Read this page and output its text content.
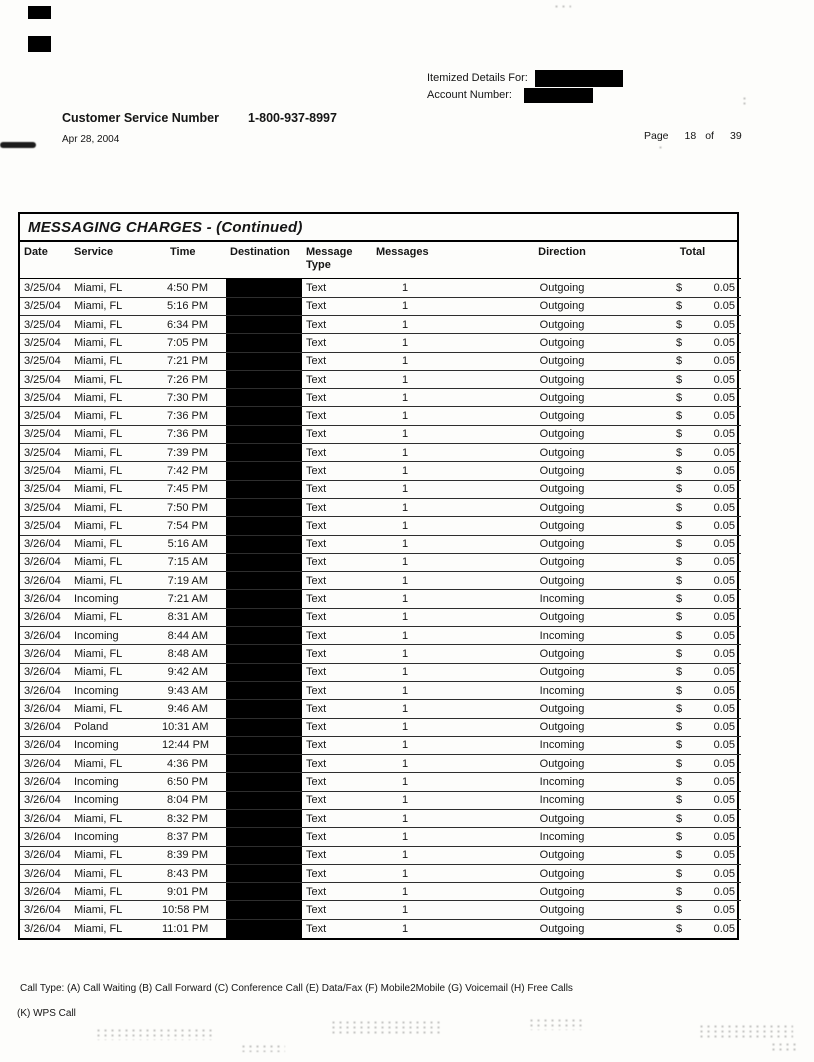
Itemized Details For:
Account Number:
Customer Service Number 1-800-937-8997
Apr 28, 2004	Page 18 of 39
MESSAGING CHARGES - (Continued)
Date	Service	Time	Destination	Message Type	Messages	Direction	Total
3/25/04	Miami, FL	4:50 PM		Text	1	Outgoing	$ 0.05
3/25/04	Miami, FL	5:16 PM		Text	1	Outgoing	$ 0.05
3/25/04	Miami, FL	6:34 PM		Text	1	Outgoing	$ 0.05
3/25/04	Miami, FL	7:05 PM		Text	1	Outgoing	$ 0.05
3/25/04	Miami, FL	7:21 PM		Text	1	Outgoing	$ 0.05
3/25/04	Miami, FL	7:26 PM		Text	1	Outgoing	$ 0.05
3/25/04	Miami, FL	7:30 PM		Text	1	Outgoing	$ 0.05
3/25/04	Miami, FL	7:36 PM		Text	1	Outgoing	$ 0.05
3/25/04	Miami, FL	7:36 PM		Text	1	Outgoing	$ 0.05
3/25/04	Miami, FL	7:39 PM		Text	1	Outgoing	$ 0.05
3/25/04	Miami, FL	7:42 PM		Text	1	Outgoing	$ 0.05
3/25/04	Miami, FL	7:45 PM		Text	1	Outgoing	$ 0.05
3/25/04	Miami, FL	7:50 PM		Text	1	Outgoing	$ 0.05
3/25/04	Miami, FL	7:54 PM		Text	1	Outgoing	$ 0.05
3/26/04	Miami, FL	5:16 AM		Text	1	Outgoing	$ 0.05
3/26/04	Miami, FL	7:15 AM		Text	1	Outgoing	$ 0.05
3/26/04	Miami, FL	7:19 AM		Text	1	Outgoing	$ 0.05
3/26/04	Incoming	7:21 AM		Text	1	Incoming	$ 0.05
3/26/04	Miami, FL	8:31 AM		Text	1	Outgoing	$ 0.05
3/26/04	Incoming	8:44 AM		Text	1	Incoming	$ 0.05
3/26/04	Miami, FL	8:48 AM		Text	1	Outgoing	$ 0.05
3/26/04	Miami, FL	9:42 AM		Text	1	Outgoing	$ 0.05
3/26/04	Incoming	9:43 AM		Text	1	Incoming	$ 0.05
3/26/04	Miami, FL	9:46 AM		Text	1	Outgoing	$ 0.05
3/26/04	Poland	10:31 AM		Text	1	Outgoing	$ 0.05
3/26/04	Incoming	12:44 PM		Text	1	Incoming	$ 0.05
3/26/04	Miami, FL	4:36 PM		Text	1	Outgoing	$ 0.05
3/26/04	Incoming	6:50 PM		Text	1	Incoming	$ 0.05
3/26/04	Incoming	8:04 PM		Text	1	Incoming	$ 0.05
3/26/04	Miami, FL	8:32 PM		Text	1	Outgoing	$ 0.05
3/26/04	Incoming	8:37 PM		Text	1	Incoming	$ 0.05
3/26/04	Miami, FL	8:39 PM		Text	1	Outgoing	$ 0.05
3/26/04	Miami, FL	8:43 PM		Text	1	Outgoing	$ 0.05
3/26/04	Miami, FL	9:01 PM		Text	1	Outgoing	$ 0.05
3/26/04	Miami, FL	10:58 PM		Text	1	Outgoing	$ 0.05
3/26/04	Miami, FL	11:01 PM		Text	1	Outgoing	$ 0.05
Call Type: (A) Call Waiting (B) Call Forward (C) Conference Call (E) Data/Fax (F) Mobile2Mobile (G) Voicemail (H) Free Calls
(K) WPS Call
